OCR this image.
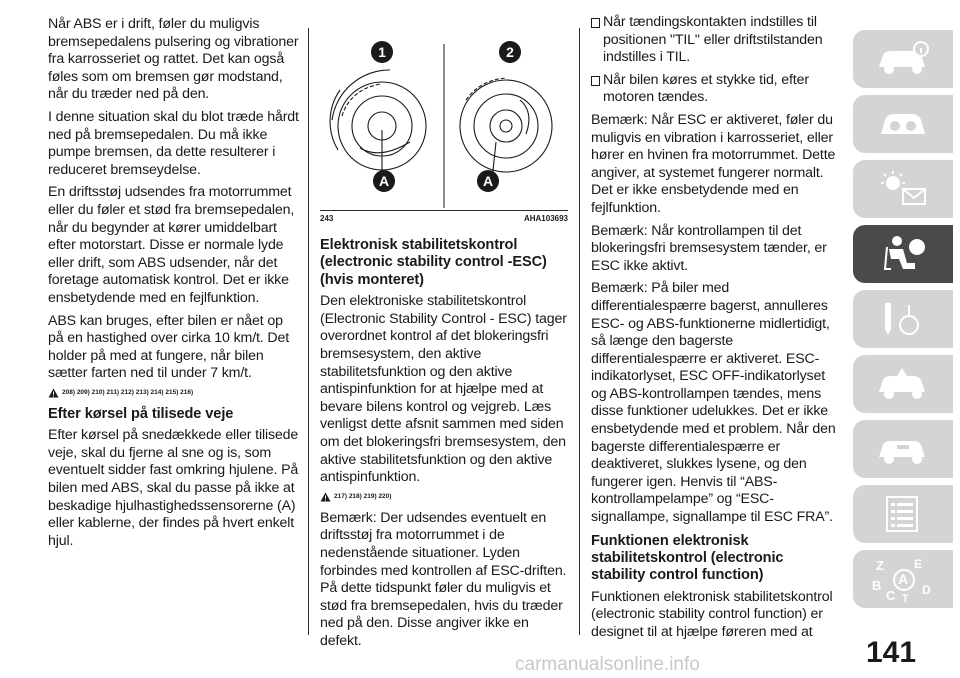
Når ABS er i drift, føler du muligvis bremsepedalens pulsering og vibrationer fra karrosseriet og rattet. Det kan også føles som om bremsen gør modstand, når du træder ned på den.

I denne situation skal du blot træde hårdt ned på bremsepedalen. Du må ikke pumpe bremsen, da dette resulterer i reduceret bremseydelse.

En driftsstøj udsendes fra motorrummet eller du føler et stød fra bremsepedalen, når du begynder at kører umiddelbart efter motorstart. Disse er normale lyde eller drift, som ABS udsender, når det foretage automatisk kontrol. Det er ikke ensbetydende med en fejlfunktion.

ABS kan bruges, efter bilen er nået op på en hastighed over cirka 10 km/t. Det holder på med at fungere, når bilen sætter farten ned til under 7 km/t.

208) 209) 210) 211) 212) 213) 214) 215) 216)
Efter kørsel på tilisede veje

Efter kørsel på snedækkede eller tilisede veje, skal du fjerne al sne og is, som eventuelt sidder fast omkring hjulene. På bilen med ABS, skal du passe på ikke at beskadige hjulhastighedssensorerne (A) eller kablerne, der findes på hvert enkelt hjul.

1	2
A	A
243	AHA103693
Elektronisk stabilitetskontrol (electronic stability control -ESC) (hvis monteret)

Den elektroniske stabilitetskontrol (Electronic Stability Control - ESC) tager overordnet kontrol af det blokeringsfri bremsesystem, den aktive stabilitetsfunktion og den aktive antispinfunktion for at hjælpe med at bevare bilens kontrol og vejgreb. Læs venligst dette afsnit sammen med siden om det blokeringsfri bremsesystem, den aktive stabilitetsfunktion og den aktive antispinfunktion.

217) 218) 219) 220)

Bemærk: Der udsendes eventuelt en driftsstøj fra motorrummet i de nedenstående situationer. Lyden forbindes med kontrollen af ESC-driften. På dette tidspunkt føler du muligvis et stød fra bremsepedalen, hvis du træder ned på den. Disse angiver ikke en defekt.

Når tændingskontakten indstilles til positionen "TIL" eller driftstilstanden indstilles i TIL.

Når bilen køres et stykke tid, efter motoren tændes.

Bemærk: Når ESC er aktiveret, føler du muligvis en vibration i karrosseriet, eller hører en hvinen fra motorrummet. Dette angiver, at systemet fungerer normalt. Det er ikke ensbetydende med en fejlfunktion.

Bemærk: Når kontrollampen til det blokeringsfri bremsesystem tænder, er ESC ikke aktivt.

Bemærk: På biler med differentialespærre bagerst, annulleres ESC- og ABS-funktionerne midlertidigt, så længe den bagerste differentialespærre er aktiveret. ESC-indikatorlyset, ESC OFF-indikatorlyset og ABS-kontrollampen tændes, mens disse funktioner udelukkes. Det er ikke ensbetydende med et problem. Når den bagerste differentialespærre er deaktiveret, slukkes lysene, og den fungerer igen. Henvis til “ABS-kontrollampelampe” og “ESC-signallampe, signallampe til ESC FRA”.

Funktionen elektronisk stabilitetskontrol (electronic stability control function)

Funktionen elektronisk stabilitetskontrol (electronic stability control function) er designet til at hjælpe føreren med at

Z	E
B A
C T
D
141
carmanualsonline.info
